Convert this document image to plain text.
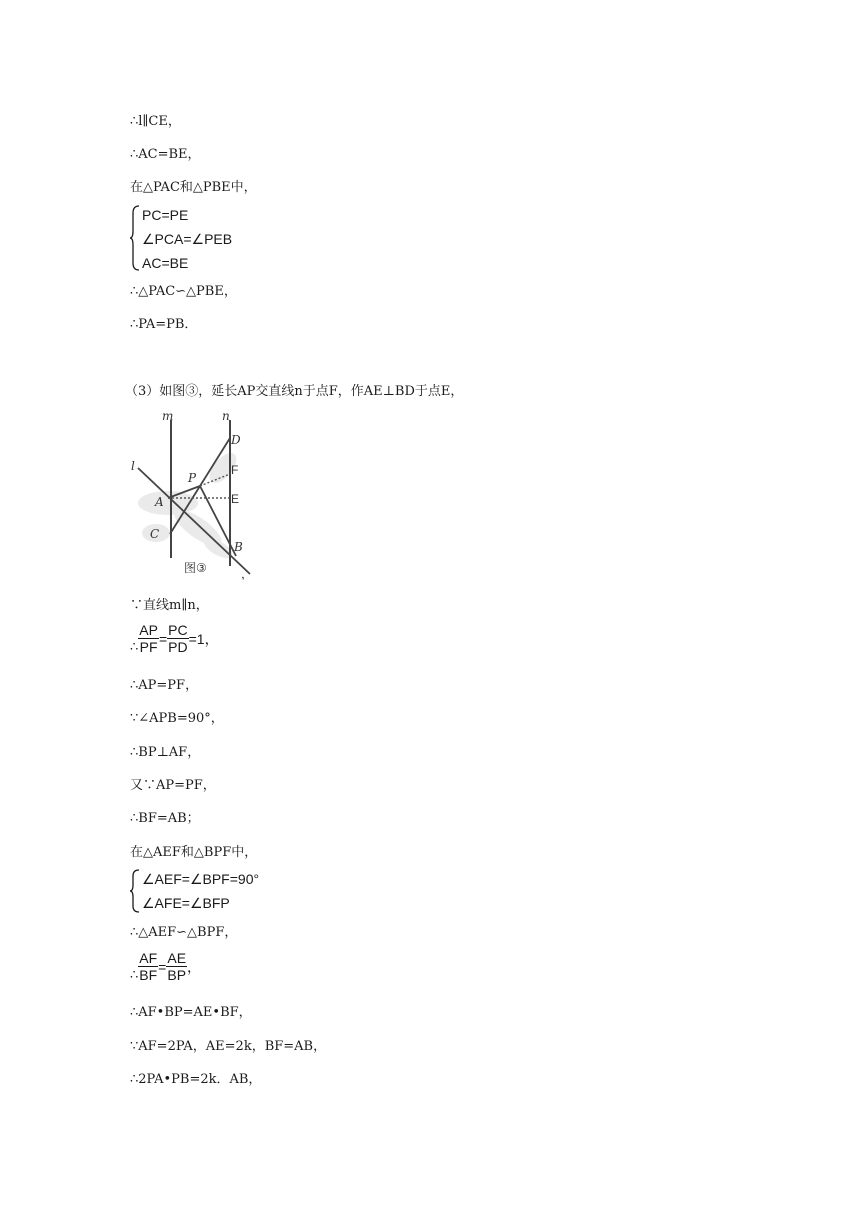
∴l∥CE，
∴AC=BE，
在△PAC和△PBE中，
PC=PE
∠PCA=∠PEB
AC=BE
∴△PAC∽△PBE，
∴PA=PB．
（3）如图③，延长AP交直线n于点F，作AE⊥BD于点E，
m	n
l
D
P
F
A	E
C
B
图③	，
∵直线m∥n，
∴ $\frac{AP}{PF} = \frac{PC}{PD} =1$，
∴AP=PF，
∵∠APB=90°，
∴BP⊥AF，
又∵AP=PF，
∴BF=AB；
在△AEF和△BPF中，
∠AEF=∠BPF=90°
∠AFE=∠BFP
∴△AEF∽△BPF，
∴ $\frac{AF}{BF} = \frac{AE}{BP}$ ，
∴AF•BP=AE•BF，
∵AF=2PA，AE=2k，BF=AB，
∴2PA•PB=2k．AB，
